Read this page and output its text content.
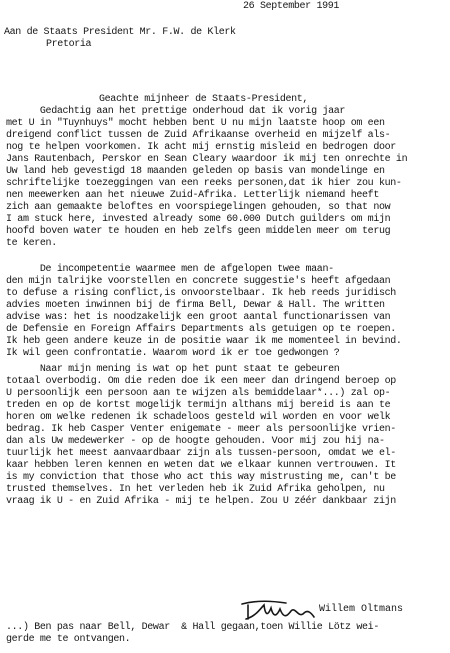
26 September 1991
Aan de Staats President Mr. F.W. de Klerk
Pretoria
Geachte mijnheer de Staats-President,
Gedachtig aan het prettige onderhoud dat ik vorig jaar
met U in "Tuynhuys" mocht hebben bent U nu mijn laatste hoop om een
dreigend conflict tussen de Zuid Afrikaanse overheid en mijzelf als-
nog te helpen voorkomen. Ik acht mij ernstig misleid en bedrogen door
Jans Rautenbach, Perskor en Sean Cleary waardoor ik mij ten onrechte in
Uw land heb gevestigd 18 maanden geleden op basis van mondelinge en
schriftelijke toezeggingen van een reeks personen,dat ik hier zou kun-
nen meewerken aan het nieuwe Zuid-Afrika. Letterlijk niemand heeft
zich aan gemaakte beloftes en voorspiegelingen gehouden, so that now
I am stuck here, invested already some 60.000 Dutch guilders om mijn
hoofd boven water te houden en heb zelfs geen middelen meer om terug
te keren.
De incompetentie waarmee men de afgelopen twee maan-
den mijn talrijke voorstellen en concrete suggestie's heeft afgedaan
to defuse a rising conflict,is onvoorstelbaar. Ik heb reeds juridisch
advies moeten inwinnen bij de firma Bell, Dewar & Hall. The written
advise was: het is noodzakelijk een groot aantal functionarissen van
de Defensie en Foreign Affairs Departments als getuigen op te roepen.
Ik heb geen andere keuze in de positie waar ik me momenteel in bevind.
Ik wil geen confrontatie. Waarom word ik er toe gedwongen ?
Naar mijn mening is wat op het punt staat te gebeuren
totaal overbodig. Om die reden doe ik een meer dan dringend beroep op
U persoonlijk een persoon aan te wijzen als bemiddelaar*...) zal op-
treden en op de kortst mogelijk termijn althans mij bereid is aan te
horen om welke redenen ik schadeloos gesteld wil worden en voor welk
bedrag. Ik heb Casper Venter enigemate - meer als persoonlijke vrien-
dan als Uw medewerker - op de hoogte gehouden. Voor mij zou hij na-
tuurlijk het meest aanvaardbaar zijn als tussen-persoon, omdat we el-
kaar hebben leren kennen en weten dat we elkaar kunnen vertrouwen. It
is my conviction that those who act this way mistrusting me, can't be
trusted themselves. In het verleden heb ik Zuid Afrika geholpen, nu
vraag ik U - en Zuid Afrika - mij te helpen. Zou U zéér dankbaar zijn
Willem Oltmans
...) Ben pas naar Bell, Dewar  & Hall gegaan,toen Willie Lötz wei-
gerde me te ontvangen.
